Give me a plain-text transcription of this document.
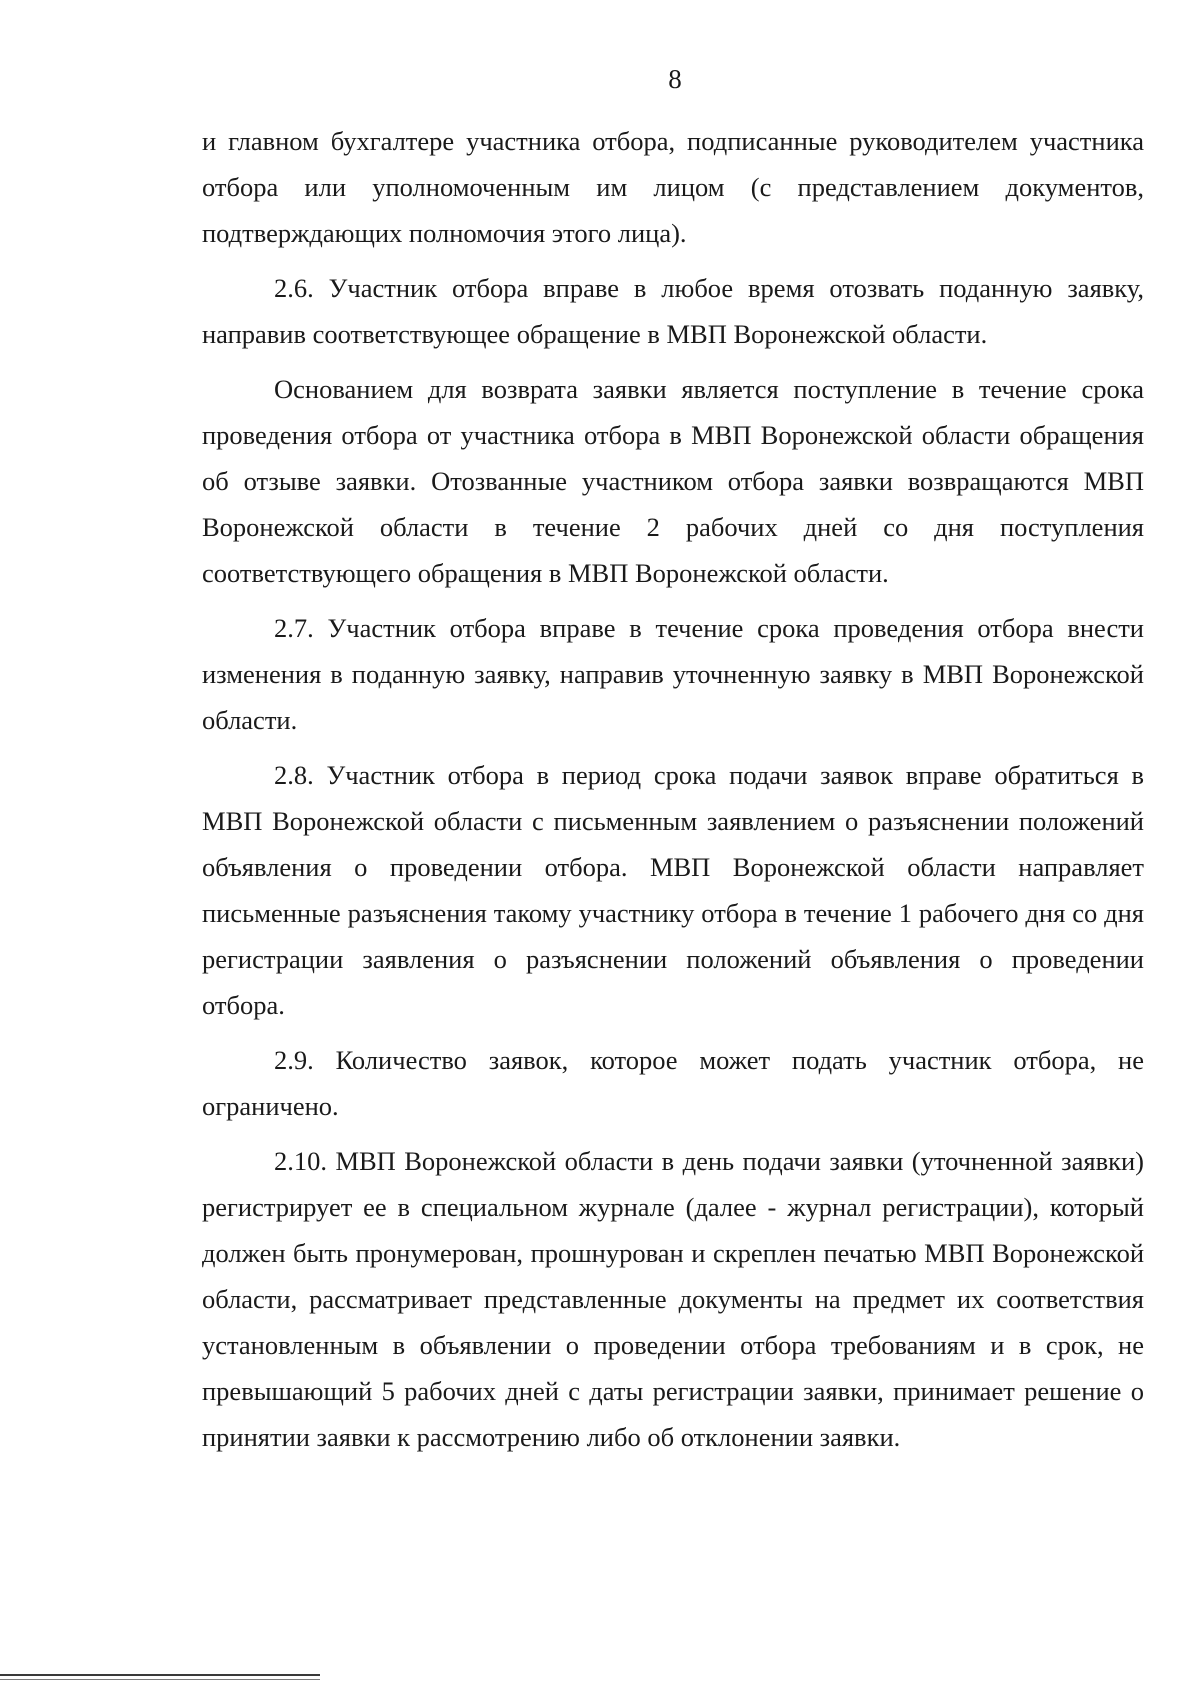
8

и главном бухгалтере участника отбора, подписанные руководителем участника отбора или уполномоченным им лицом (с представлением документов, подтверждающих полномочия этого лица).

2.6. Участник отбора вправе в любое время отозвать поданную заявку, направив соответствующее обращение в МВП Воронежской области.

Основанием для возврата заявки является поступление в течение срока проведения отбора от участника отбора в МВП Воронежской области обращения об отзыве заявки. Отозванные участником отбора заявки возвращаются МВП Воронежской области в течение 2 рабочих дней со дня поступления соответствующего обращения в МВП Воронежской области.

2.7. Участник отбора вправе в течение срока проведения отбора внести изменения в поданную заявку, направив уточненную заявку в МВП Воронежской области.

2.8. Участник отбора в период срока подачи заявок вправе обратиться в МВП Воронежской области с письменным заявлением о разъяснении положений объявления о проведении отбора. МВП Воронежской области направляет письменные разъяснения такому участнику отбора в течение 1 рабочего дня со дня регистрации заявления о разъяснении положений объявления о проведении отбора.

2.9. Количество заявок, которое может подать участник отбора, не ограничено.

2.10. МВП Воронежской области в день подачи заявки (уточненной заявки) регистрирует ее в специальном журнале (далее - журнал регистрации), который должен быть пронумерован, прошнурован и скреплен печатью МВП Воронежской области, рассматривает представленные документы на предмет их соответствия установленным в объявлении о проведении отбора требованиям и в срок, не превышающий 5 рабочих дней с даты регистрации заявки, принимает решение о принятии заявки к рассмотрению либо об отклонении заявки.
